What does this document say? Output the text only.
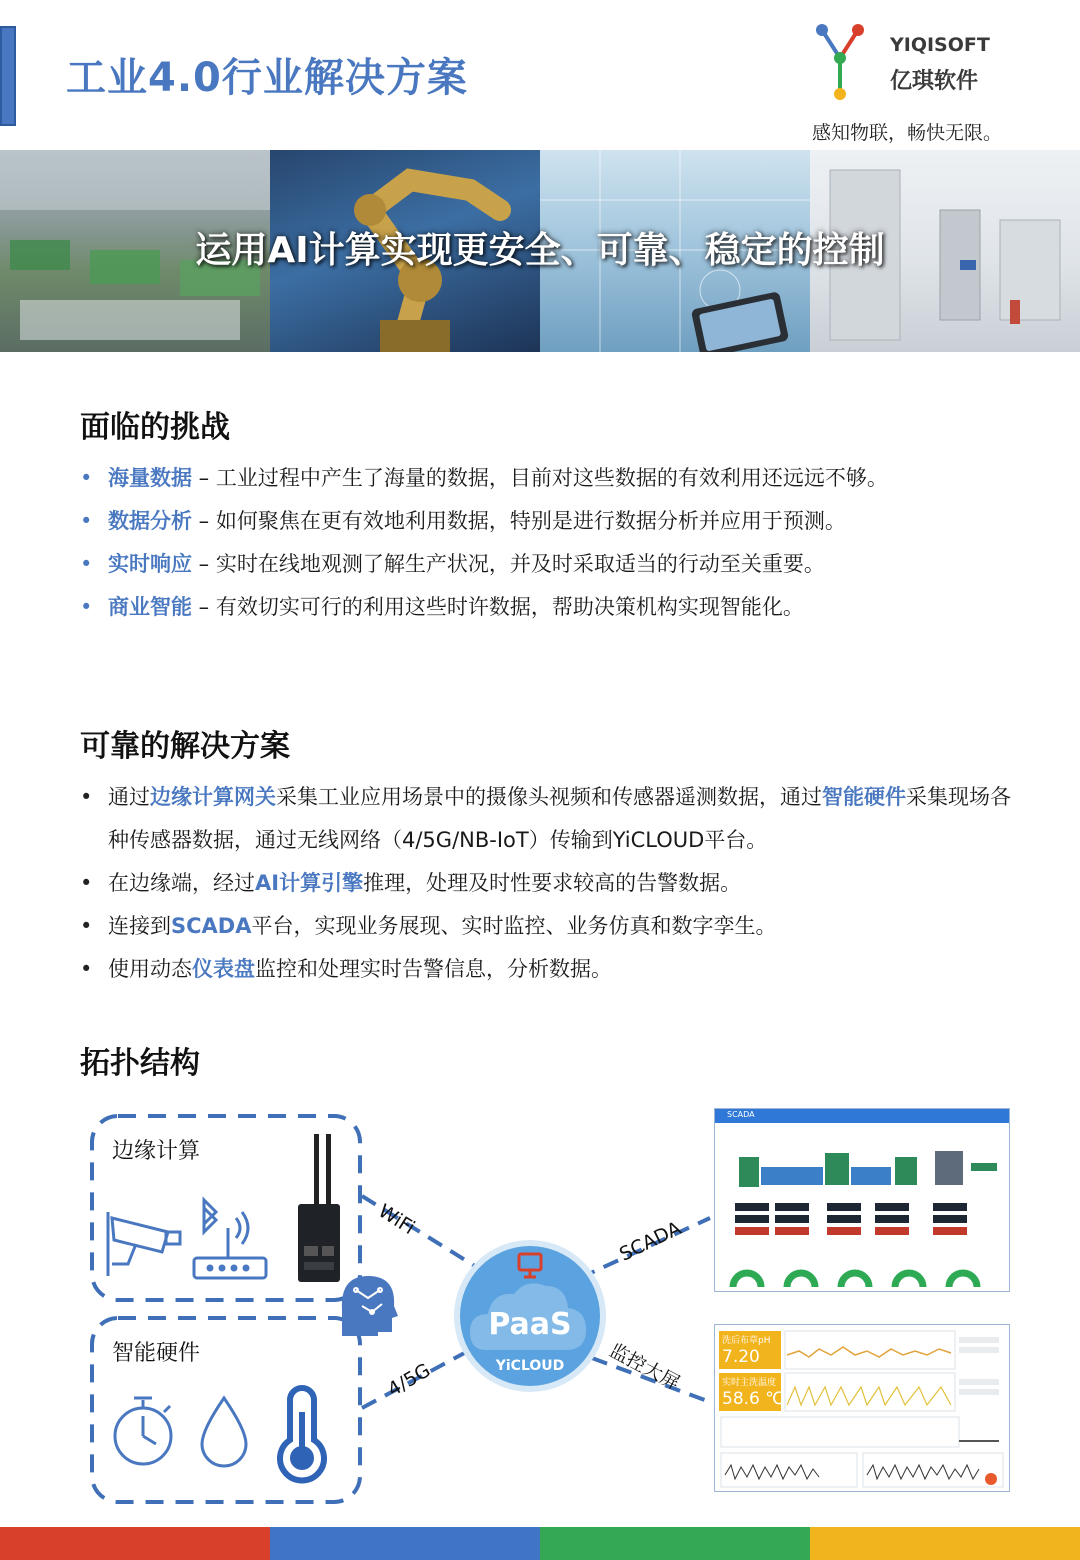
工业4.0行业解决方案
YIQISOFT
亿琪软件
感知物联，畅快无限。
运用AI计算实现更安全、可靠、稳定的控制
面临的挑战
• 海量数据 – 工业过程中产生了海量的数据，目前对这些数据的有效利用还远远不够。
• 数据分析 – 如何聚焦在更有效地利用数据，特别是进行数据分析并应用于预测。
• 实时响应 – 实时在线地观测了解生产状况，并及时采取适当的行动至关重要。
• 商业智能 – 有效切实可行的利用这些时许数据，帮助决策机构实现智能化。
可靠的解决方案
• 通过边缘计算网关采集工业应用场景中的摄像头视频和传感器遥测数据，通过智能硬件采集现场各种传感器数据，通过无线网络（4/5G/NB-IoT）传输到YiCLOUD平台。
• 在边缘端，经过AI计算引擎推理，处理及时性要求较高的告警数据。
• 连接到SCADA平台，实现业务展现、实时监控、业务仿真和数字孪生。
• 使用动态仪表盘监控和处理实时告警信息，分析数据。
拓扑结构
边缘计算
智能硬件
WiFi
4/5G
SCADA
监控大屏
PaaS
YiCLOUD
SCADA
洗后布草pH
7.20
实时主洗温度
58.6 ℃
